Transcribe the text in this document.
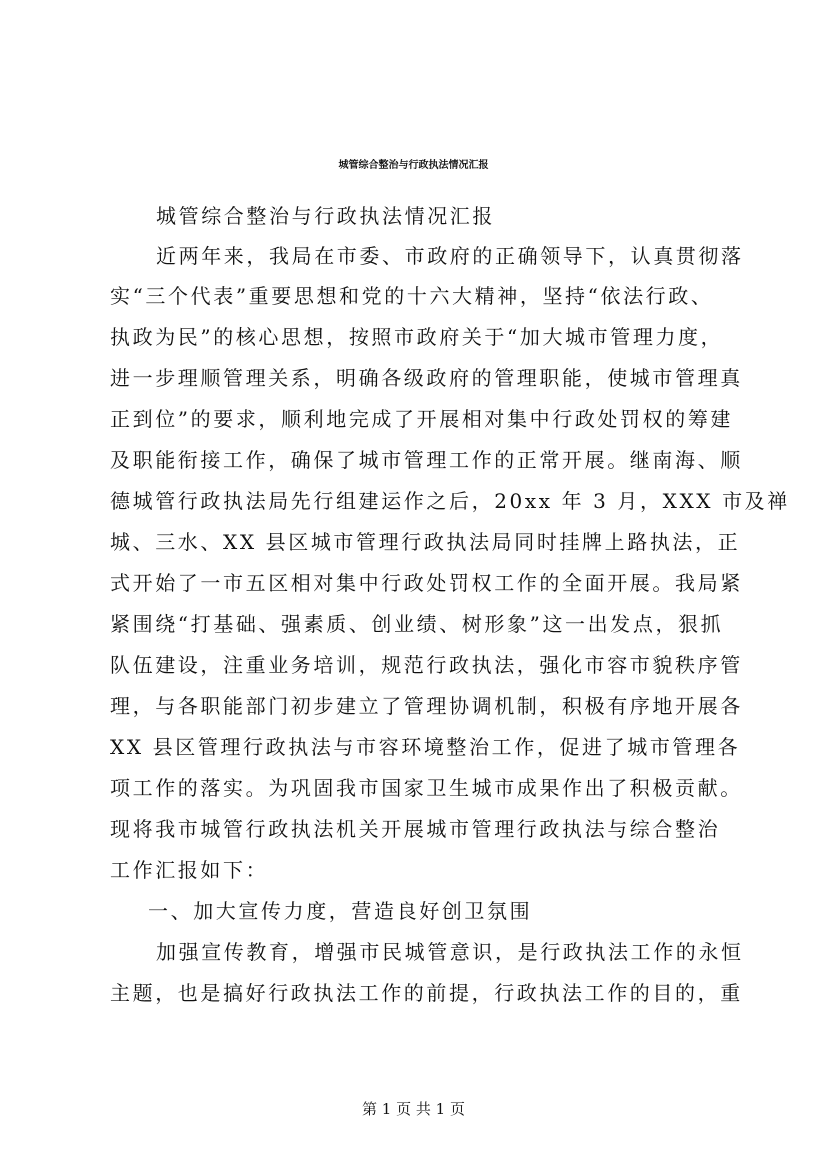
城管综合整治与行政执法情况汇报
城管综合整治与行政执法情况汇报
近两年来，我局在市委、市政府的正确领导下，认真贯彻落
实“三个代表”重要思想和党的十六大精神，坚持“依法行政、
执政为民”的核心思想，按照市政府关于“加大城市管理力度，
进一步理顺管理关系，明确各级政府的管理职能，使城市管理真
正到位”的要求，顺利地完成了开展相对集中行政处罚权的筹建
及职能衔接工作，确保了城市管理工作的正常开展。继南海、顺
德城管行政执法局先行组建运作之后，20xx 年 3 月，XXX 市及禅
城、三水、XX 县区城市管理行政执法局同时挂牌上路执法，正
式开始了一市五区相对集中行政处罚权工作的全面开展。我局紧
紧围绕“打基础、强素质、创业绩、树形象”这一出发点，狠抓
队伍建设，注重业务培训，规范行政执法，强化市容市貌秩序管
理，与各职能部门初步建立了管理协调机制，积极有序地开展各
XX 县区管理行政执法与市容环境整治工作，促进了城市管理各
项工作的落实。为巩固我市国家卫生城市成果作出了积极贡献。
现将我市城管行政执法机关开展城市管理行政执法与综合整治
工作汇报如下：
一、加大宣传力度，营造良好创卫氛围
加强宣传教育，增强市民城管意识，是行政执法工作的永恒
主题，也是搞好行政执法工作的前提，行政执法工作的目的，重
第 1 页 共 1 页
